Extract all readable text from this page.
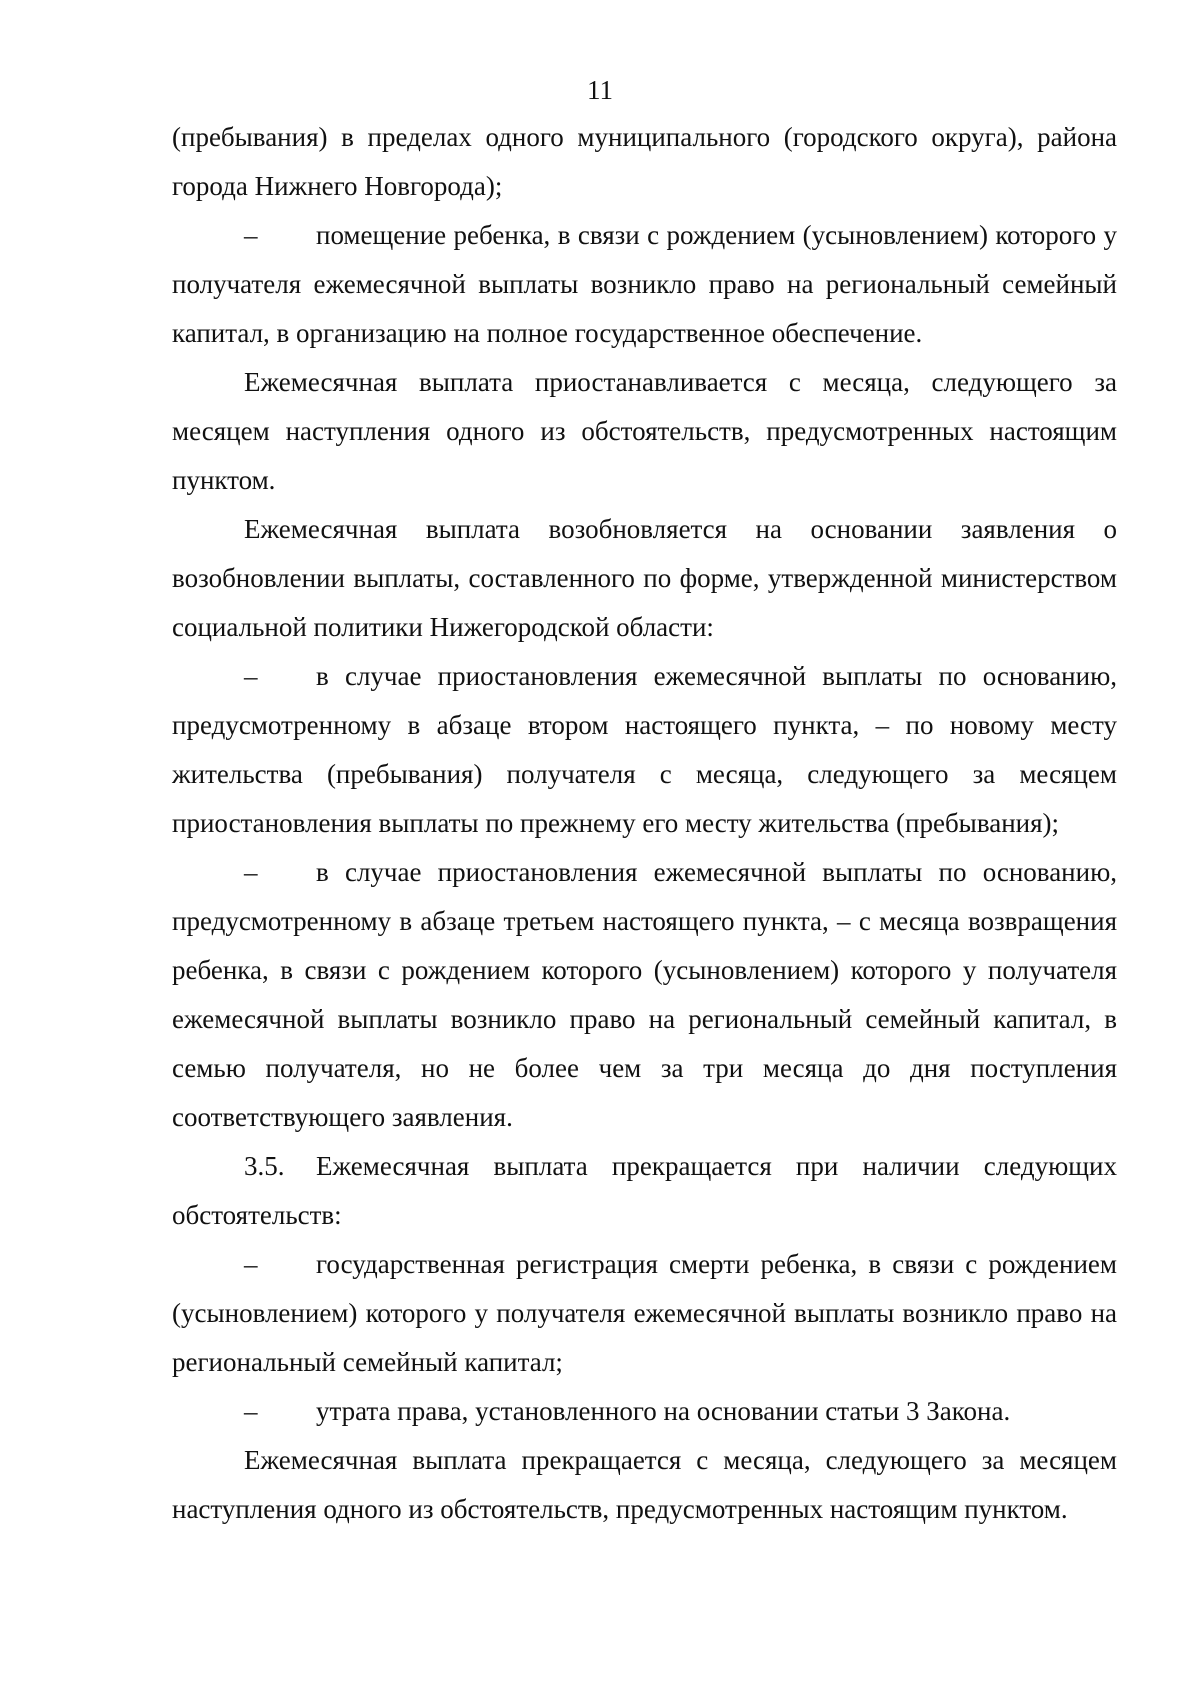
11

(пребывания) в пределах одного муниципального (городского округа), района города Нижнего Новгорода);

– помещение ребенка, в связи с рождением (усыновлением) которого у получателя ежемесячной выплаты возникло право на региональный семейный капитал, в организацию на полное государственное обеспечение.

Ежемесячная выплата приостанавливается с месяца, следующего за месяцем наступления одного из обстоятельств, предусмотренных настоящим пунктом.

Ежемесячная выплата возобновляется на основании заявления о возобновлении выплаты, составленного по форме, утвержденной министерством социальной политики Нижегородской области:

– в случае приостановления ежемесячной выплаты по основанию, предусмотренному в абзаце втором настоящего пункта, – по новому месту жительства (пребывания) получателя с месяца, следующего за месяцем приостановления выплаты по прежнему его месту жительства (пребывания);

– в случае приостановления ежемесячной выплаты по основанию, предусмотренному в абзаце третьем настоящего пункта, – с месяца возвращения ребенка, в связи с рождением которого (усыновлением) которого у получателя ежемесячной выплаты возникло право на региональный семейный капитал, в семью получателя, но не более чем за три месяца до дня поступления соответствующего заявления.

3.5. Ежемесячная выплата прекращается при наличии следующих обстоятельств:

– государственная регистрация смерти ребенка, в связи с рождением (усыновлением) которого у получателя ежемесячной выплаты возникло право на региональный семейный капитал;

– утрата права, установленного на основании статьи 3 Закона.

Ежемесячная выплата прекращается с месяца, следующего за месяцем наступления одного из обстоятельств, предусмотренных настоящим пунктом.
